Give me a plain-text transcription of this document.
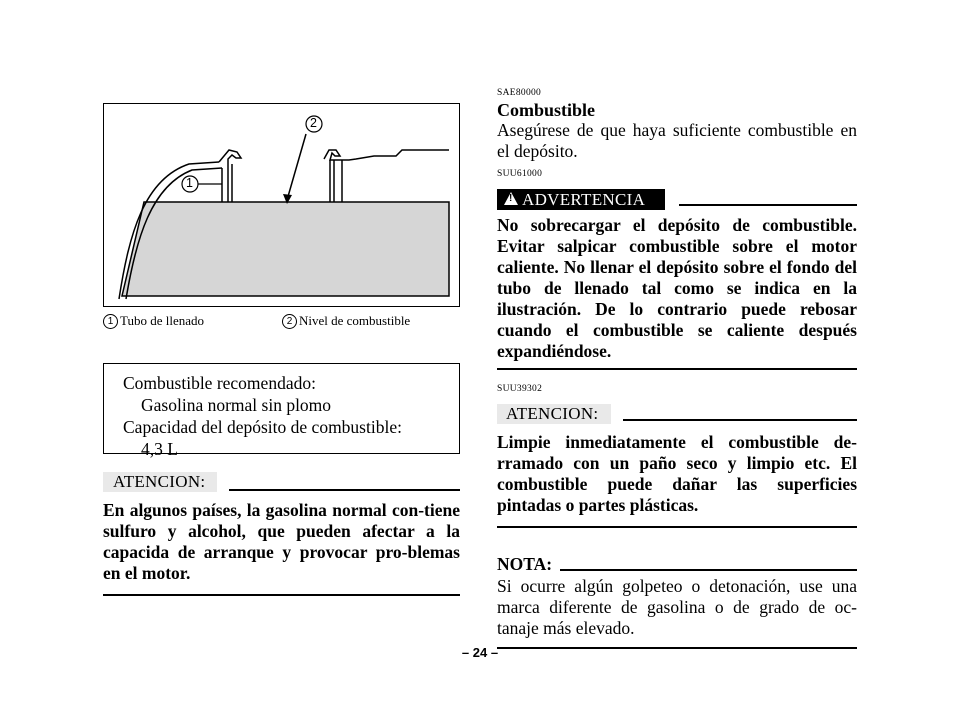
1
2
1 Tubo de llenado	2 Nivel de combustible
Combustible recomendado:
Gasolina normal sin plomo
Capacidad del depósito de combustible:
4,3 L
ATENCION:
En algunos países, la gasolina normal con-tiene sulfuro y alcohol, que pueden afectar a la capacida de arranque y provocar pro-blemas en el motor.
SAE80000
Combustible
Asegúrese de que haya suficiente combustible en el depósito.
SUU61000
! ADVERTENCIA
No sobrecargar el depósito de combustible. Evitar salpicar combustible sobre el motor caliente. No llenar el depósito sobre el fondo del tubo de llenado tal como se indica en la ilustración. De lo contrario puede rebosar cuando el combustible se caliente después expandiéndose.
SUU39302
ATENCION:
Limpie inmediatamente el combustible de-rramado con un paño seco y limpio etc. El combustible puede dañar las superficies pintadas o partes plásticas.
NOTA:
Si ocurre algún golpeteo o detonación, use una marca diferente de gasolina o de grado de oc-tanaje más elevado.
– 24 –
